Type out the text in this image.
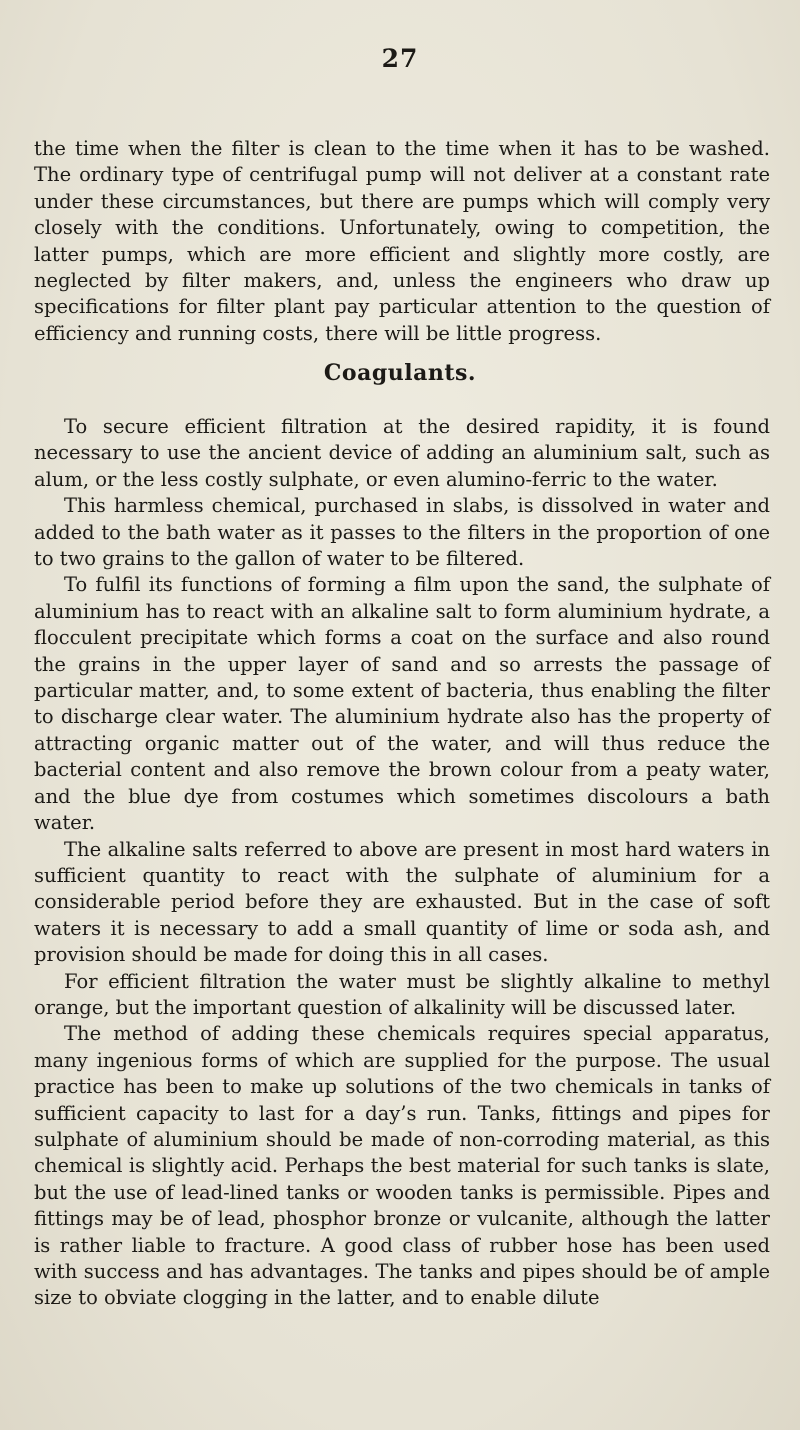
27

the time when the filter is clean to the time when it has to be washed. The ordinary type of centrifugal pump will not deliver at a constant rate under these circumstances, but there are pumps which will comply very closely with the conditions. Unfortunately, owing to competition, the latter pumps, which are more efficient and slightly more costly, are neglected by filter makers, and, unless the engineers who draw up specifications for filter plant pay particular attention to the question of efficiency and running costs, there will be little progress.

Coagulants.

To secure efficient filtration at the desired rapidity, it is found necessary to use the ancient device of adding an aluminium salt, such as alum, or the less costly sulphate, or even alumino-ferric to the water.

This harmless chemical, purchased in slabs, is dissolved in water and added to the bath water as it passes to the filters in the proportion of one to two grains to the gallon of water to be filtered.

To fulfil its functions of forming a film upon the sand, the sulphate of aluminium has to react with an alkaline salt to form aluminium hydrate, a flocculent precipitate which forms a coat on the surface and also round the grains in the upper layer of sand and so arrests the passage of particular matter, and, to some extent of bacteria, thus enabling the filter to discharge clear water. The aluminium hydrate also has the property of attracting organic matter out of the water, and will thus reduce the bacterial content and also remove the brown colour from a peaty water, and the blue dye from costumes which sometimes discolours a bath water.

The alkaline salts referred to above are present in most hard waters in sufficient quantity to react with the sulphate of aluminium for a considerable period before they are exhausted. But in the case of soft waters it is necessary to add a small quantity of lime or soda ash, and provision should be made for doing this in all cases.

For efficient filtration the water must be slightly alkaline to methyl orange, but the important question of alkalinity will be discussed later.

The method of adding these chemicals requires special apparatus, many ingenious forms of which are supplied for the purpose. The usual practice has been to make up solutions of the two chemicals in tanks of sufficient capacity to last for a day’s run. Tanks, fittings and pipes for sulphate of aluminium should be made of non-corroding material, as this chemical is slightly acid. Perhaps the best material for such tanks is slate, but the use of lead-lined tanks or wooden tanks is permissible. Pipes and fittings may be of lead, phosphor bronze or vulcanite, although the latter is rather liable to fracture. A good class of rubber hose has been used with success and has advantages. The tanks and pipes should be of ample size to obviate clogging in the latter, and to enable dilute
